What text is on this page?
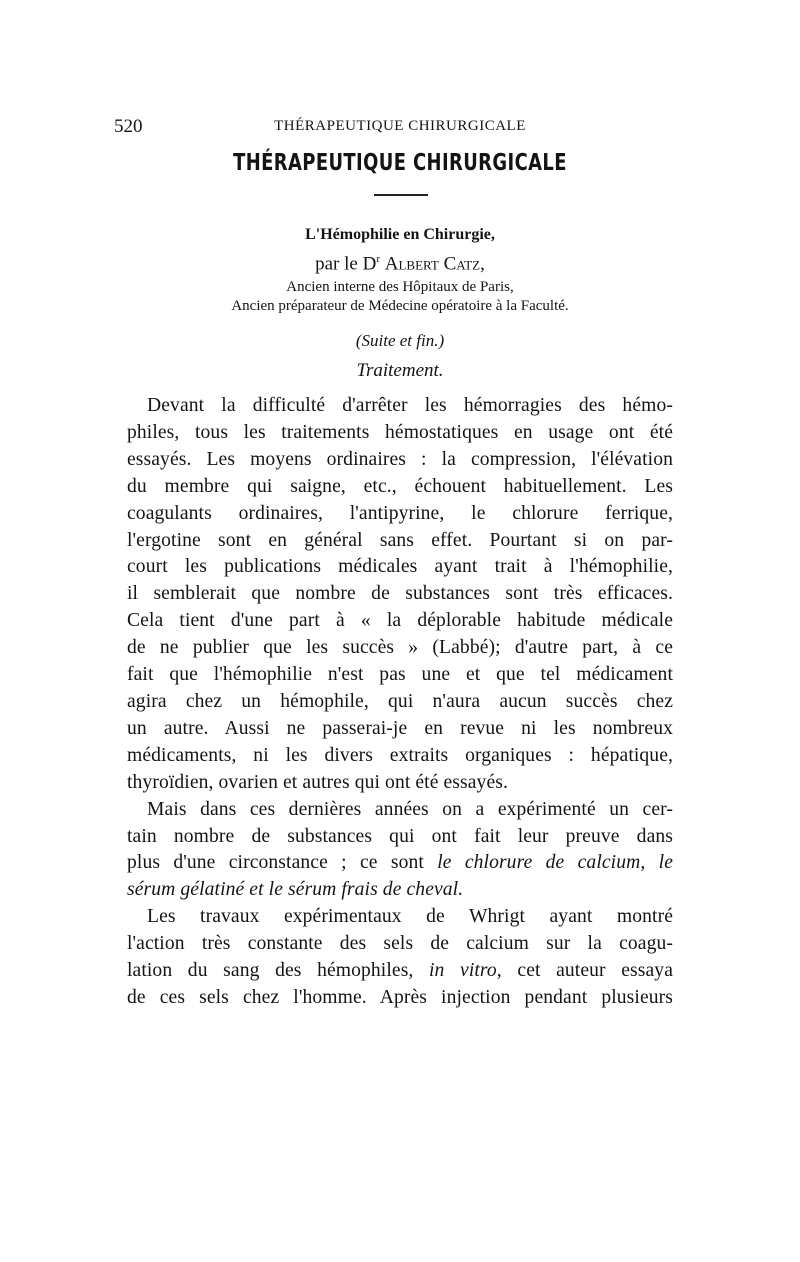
520	THÉRAPEUTIQUE CHIRURGICALE
THÉRAPEUTIQUE CHIRURGICALE
L'Hémophilie en Chirurgie,
par le $D^r$ Albert Catz,
Ancien interne des Hôpitaux de Paris,
Ancien préparateur de Médecine opératoire à la Faculté.
(Suite et fin.)
Traitement.
Devant la difficulté d'arrêter les hémorragies des hémo-
philes, tous les traitements hémostatiques en usage ont été
essayés. Les moyens ordinaires : la compression, l'élévation
du membre qui saigne, etc., échouent habituellement. Les
coagulants ordinaires, l'antipyrine, le chlorure ferrique,
l'ergotine sont en général sans effet. Pourtant si on par-
court les publications médicales ayant trait à l'hémophilie,
il semblerait que nombre de substances sont très efficaces.
Cela tient d'une part à « la déplorable habitude médicale
de ne publier que les succès » (Labbé); d'autre part, à ce
fait que l'hémophilie n'est pas une et que tel médicament
agira chez un hémophile, qui n'aura aucun succès chez
un autre. Aussi ne passerai-je en revue ni les nombreux
médicaments, ni les divers extraits organiques : hépatique,
thyroïdien, ovarien et autres qui ont été essayés.
Mais dans ces dernières années on a expérimenté un cer-
tain nombre de substances qui ont fait leur preuve dans
plus d'une circonstance ; ce sont le chlorure de calcium, le
sérum gélatiné et le sérum frais de cheval.
Les travaux expérimentaux de Whrigt ayant montré
l'action très constante des sels de calcium sur la coagu-
lation du sang des hémophiles, in vitro, cet auteur essaya
de ces sels chez l'homme. Après injection pendant plusieurs
